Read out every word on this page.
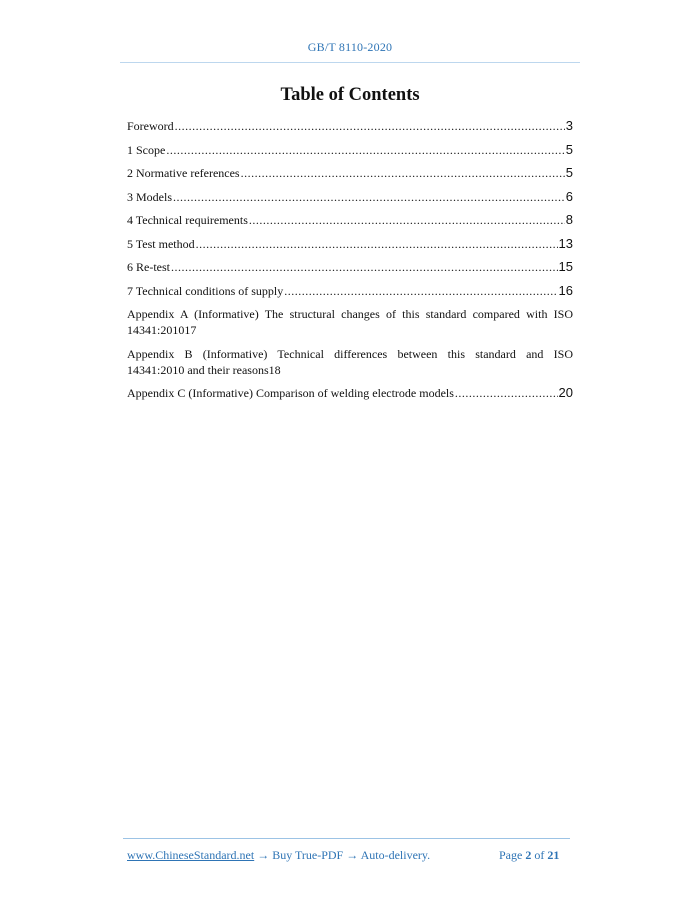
GB/T 8110-2020
Table of Contents
Foreword .....	3
1 Scope .....	5
2 Normative references .....	5
3 Models .....	6
4 Technical requirements .....	8
5 Test method .....	13
6 Re-test .....	15
7 Technical conditions of supply .....	16
Appendix A (Informative) The structural changes of this standard compared with ISO
14341:2010 17
Appendix B (Informative) Technical differences between this standard and ISO
14341:2010 and their reasons 18
Appendix C (Informative) Comparison of welding electrode models .....	20
www.ChineseStandard.net → Buy True-PDF → Auto-delivery.	Page 2 of 21
